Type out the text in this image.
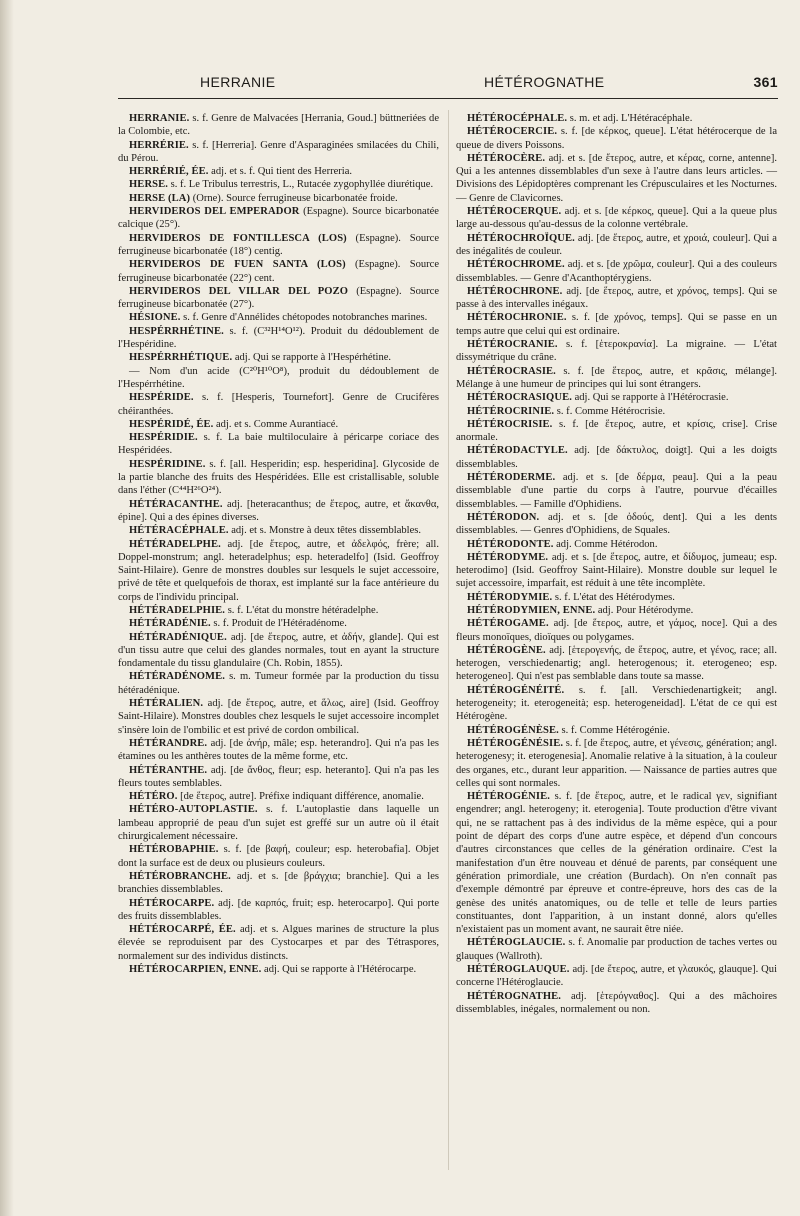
HERRANIE	HÉTÉROGNATHE	361

HERRANIE. s. f. Genre de Malvacées [Herrania, Goud.] büttneriées de la Colombie, etc.

HERRÉRIE. s. f. [Herreria]. Genre d'Asparaginées smilacées du Chili, du Pérou.

HERRÉRIÉ, ÉE. adj. et s. f. Qui tient des Herreria.

HERSE. s. f. Le Tribulus terrestris, L., Rutacée zygophyllée diurétique.

HERSE (LA) (Orne). Source ferrugineuse bicarbonatée froide.

HERVIDEROS DEL EMPERADOR (Espagne). Source bicarbonatée calcique (25°).

HERVIDEROS DE FONTILLESCA (LOS) (Espagne). Source ferrugineuse bicarbonatée (18°) centig.

HERVIDEROS DE FUEN SANTA (LOS) (Espagne). Source ferrugineuse bicarbonatée (22°) cent.

HERVIDEROS DEL VILLAR DEL POZO (Espagne). Source ferrugineuse bicarbonatée (27°).

HÉSIONE. s. f. Genre d'Annélides chétopodes notobranches marines.

HESPÉRRHÉTINE. s. f. (C³²H¹⁴O¹²). Produit du dédoublement de l'Hespéridine.

HESPÉRRHÉTIQUE. adj. Qui se rapporte à l'Hespérhétine.

— Nom d'un acide (C²⁰H¹⁰O⁸), produit du dédoublement de l'Hespérrhétine.

HESPÉRIDE. s. f. [Hesperis, Tournefort]. Genre de Crucifères chéiranthées.

HESPÉRIDÉ, ÉE. adj. et s. Comme Aurantiacé.

HESPÉRIDIE. s. f. La baie multiloculaire à péricarpe coriace des Hespéridées.

HESPÉRIDINE. s. f. [all. Hesperidin; esp. hesperidina]. Glycoside de la partie blanche des fruits des Hespéridées. Elle est cristallisable, soluble dans l'éther (C⁴⁴H²⁶O²⁴).

HÉTÉRACANTHE. adj. [heteracanthus; de ἕτερος, autre, et ἄκανθα, épine]. Qui a des épines diverses.

HÉTÉRACÉPHALE. adj. et s. Monstre à deux têtes dissemblables.

HÉTÉRADELPHE. adj. [de ἕτερος, autre, et ἀδελφός, frère; all. Doppel-monstrum; angl. heteradelphus; esp. heteradelfo] (Isid. Geoffroy Saint-Hilaire). Genre de monstres doubles sur lesquels le sujet accessoire, privé de tête et quelquefois de thorax, est implanté sur la face antérieure du corps de l'individu principal.

HÉTÉRADELPHIE. s. f. L'état du monstre hétéradelphe.

HÉTÉRADÉNIE. s. f. Produit de l'Hétéradénome.

HÉTÉRADÉNIQUE. adj. [de ἕτερος, autre, et ἀδήν, glande]. Qui est d'un tissu autre que celui des glandes normales, tout en ayant la structure fondamentale du tissu glandulaire (Ch. Robin, 1855).

HÉTÉRADÉNOME. s. m. Tumeur formée par la production du tissu hétéradénique.

HÉTÉRALIEN. adj. [de ἕτερος, autre, et ἅλως, aire] (Isid. Geoffroy Saint-Hilaire). Monstres doubles chez lesquels le sujet accessoire incomplet s'insère loin de l'ombilic et est privé de cordon ombilical.

HÉTÉRANDRE. adj. [de ἀνήρ, mâle; esp. heterandro]. Qui n'a pas les étamines ou les anthères toutes de la même forme, etc.

HÉTÉRANTHE. adj. [de ἄνθος, fleur; esp. heteranto]. Qui n'a pas les fleurs toutes semblables.

HÉTÉRO. [de ἕτερος, autre]. Préfixe indiquant différence, anomalie.

HÉTÉRO-AUTOPLASTIE. s. f. L'autoplastie dans laquelle un lambeau approprié de peau d'un sujet est greffé sur un autre où il était chirurgicalement nécessaire.

HÉTÉROBAPHIE. s. f. [de βαφή, couleur; esp. heterobafia]. Objet dont la surface est de deux ou plusieurs couleurs.

HÉTÉROBRANCHE. adj. et s. [de βράγχια; branchie]. Qui a les branchies dissemblables.

HÉTÉROCARPE. adj. [de καρπός, fruit; esp. heterocarpo]. Qui porte des fruits dissemblables.

HÉTÉROCARPÉ, ÉE. adj. et s. Algues marines de structure la plus élevée se reproduisent par des Cystocarpes et par des Tétraspores, normalement sur des individus distincts.

HÉTÉROCARPIEN, ENNE. adj. Qui se rapporte à l'Hétérocarpe.

HÉTÉROCÉPHALE. s. m. et adj. L'Hétéracéphale.

HÉTÉROCERCIE. s. f. [de κέρκος, queue]. L'état hétérocerque de la queue de divers Poissons.

HÉTÉROCÈRE. adj. et s. [de ἕτερος, autre, et κέρας, corne, antenne]. Qui a les antennes dissemblables d'un sexe à l'autre dans leurs articles. — Divisions des Lépidoptères comprenant les Crépusculaires et les Nocturnes. — Genre de Clavicornes.

HÉTÉROCERQUE. adj. et s. [de κέρκος, queue]. Qui a la queue plus large au-dessous qu'au-dessus de la colonne vertébrale.

HÉTÉROCHROÏQUE. adj. [de ἕτερος, autre, et χροιά, couleur]. Qui a des inégalités de couleur.

HÉTÉROCHROME. adj. et s. [de χρῶμα, couleur]. Qui a des couleurs dissemblables. — Genre d'Acanthoptérygiens.

HÉTÉROCHRONE. adj. [de ἕτερος, autre, et χρόνος, temps]. Qui se passe à des intervalles inégaux.

HÉTÉROCHRONIE. s. f. [de χρόνος, temps]. Qui se passe en un temps autre que celui qui est ordinaire.

HÉTÉROCRANIE. s. f. [ἑτεροκρανία]. La migraine. — L'état dissymétrique du crâne.

HÉTÉROCRASIE. s. f. [de ἕτερος, autre, et κρᾶσις, mélange]. Mélange à une humeur de principes qui lui sont étrangers.

HÉTÉROCRASIQUE. adj. Qui se rapporte à l'Hétérocrasie.

HÉTÉROCRINIE. s. f. Comme Hétérocrisie.

HÉTÉROCRISIE. s. f. [de ἕτερος, autre, et κρίσις, crise]. Crise anormale.

HÉTÉRODACTYLE. adj. [de δάκτυλος, doigt]. Qui a les doigts dissemblables.

HÉTÉRODERME. adj. et s. [de δέρμα, peau]. Qui a la peau dissemblable d'une partie du corps à l'autre, pourvue d'écailles dissemblables. — Famille d'Ophidiens.

HÉTÉRODON. adj. et s. [de ὀδούς, dent]. Qui a les dents dissemblables. — Genres d'Ophidiens, de Squales.

HÉTÉRODONTE. adj. Comme Hétérodon.

HÉTÉRODYME. adj. et s. [de ἕτερος, autre, et δίδυμος, jumeau; esp. heterodimo] (Isid. Geoffroy Saint-Hilaire). Monstre double sur lequel le sujet accessoire, imparfait, est réduit à une tête incomplète.

HÉTÉRODYMIE. s. f. L'état des Hétérodymes.

HÉTÉRODYMIEN, ENNE. adj. Pour Hétérodyme.

HÉTÉROGAME. adj. [de ἕτερος, autre, et γάμος, noce]. Qui a des fleurs monoïques, dioïques ou polygames.

HÉTÉROGÈNE. adj. [ἑτερογενής, de ἕτερος, autre, et γένος, race; all. heterogen, verschiedenartig; angl. heterogenous; it. eterogeneo; esp. heterogeneo]. Qui n'est pas semblable dans toute sa masse.

HÉTÉROGÉNÉITÉ. s. f. [all. Verschiedenartigkeit; angl. heterogeneity; it. eterogeneità; esp. heterogeneidad]. L'état de ce qui est Hétérogène.

HÉTÉROGÉNÈSE. s. f. Comme Hétérogénie.

HÉTÉROGÉNÉSIE. s. f. [de ἕτερος, autre, et γένεσις, génération; angl. heterogenesy; it. eterogenesia]. Anomalie relative à la situation, à la couleur des organes, etc., durant leur apparition. — Naissance de parties autres que celles qui sont normales.

HÉTÉROGÉNIE. s. f. [de ἕτερος, autre, et le radical γεν, signifiant engendrer; angl. heterogeny; it. eterogenia]. Toute production d'être vivant qui, ne se rattachent pas à des individus de la même espèce, qui a pour point de départ des corps d'une autre espèce, et dépend d'un concours d'autres circonstances que celles de la génération ordinaire. C'est la manifestation d'un être nouveau et dénué de parents, par conséquent une génération primordiale, une création (Burdach). On n'en connaît pas d'exemple démontré par épreuve et contre-épreuve, hors des cas de la genèse des unités anatomiques, ou de telle et telle de leurs parties constituantes, dont l'apparition, à un instant donné, alors qu'elles n'existaient pas un moment avant, ne saurait être niée.

HÉTÉROGLAUCIE. s. f. Anomalie par production de taches vertes ou glauques (Wallroth).

HÉTÉROGLAUQUE. adj. [de ἕτερος, autre, et γλαυκός, glauque]. Qui concerne l'Hétéroglaucie.

HÉTÉROGNATHE. adj. [ἑτερόγναθος]. Qui a des mâchoires dissemblables, inégales, normalement ou non.
